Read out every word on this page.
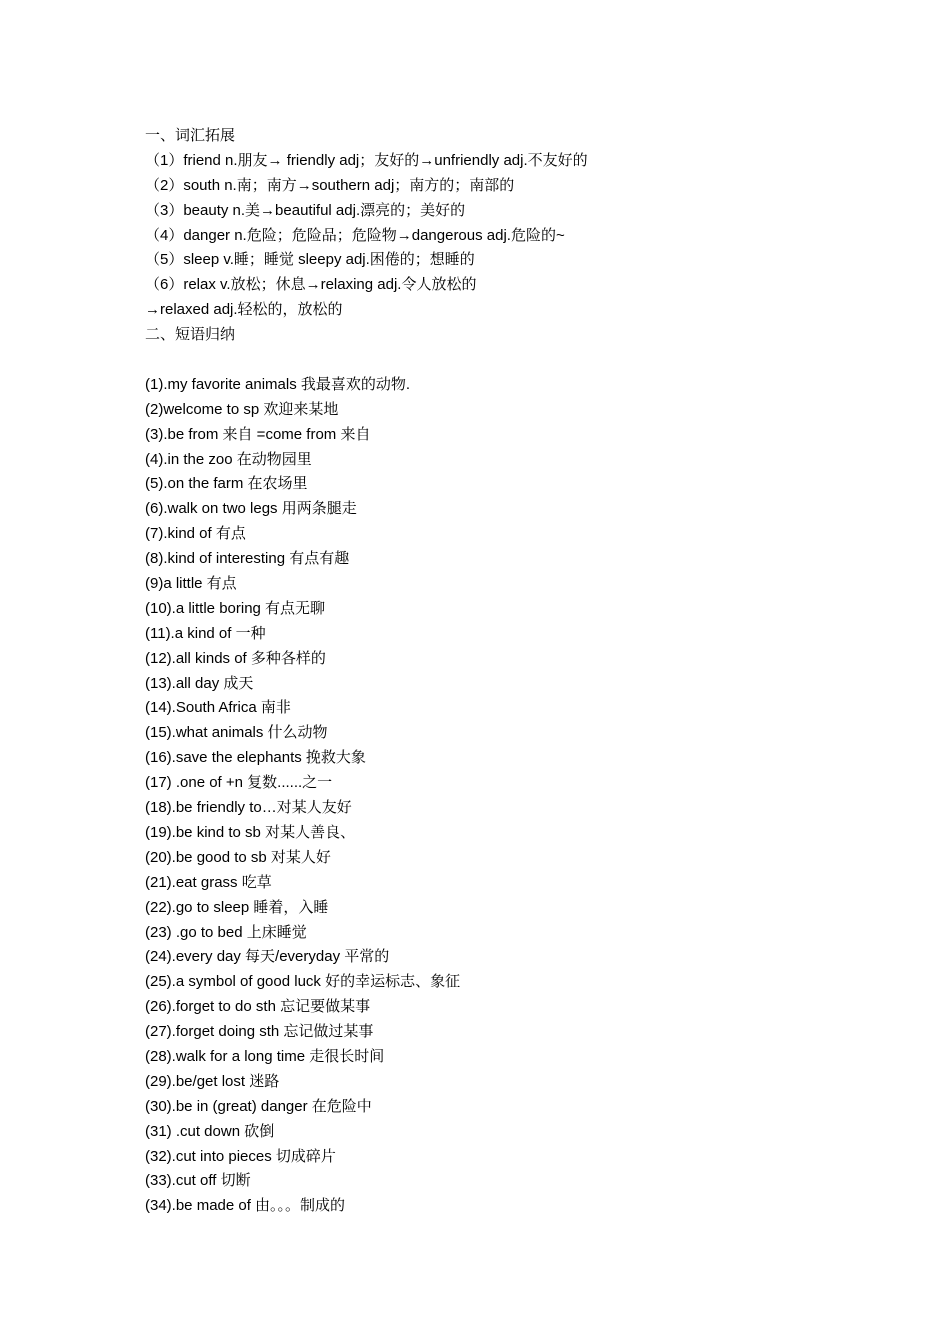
一、词汇拓展
（1）friend n.朋友→ friendly adj；友好的→unfriendly adj.不友好的
（2）south n.南；南方→southern adj；南方的；南部的
（3）beauty n.美→beautiful adj.漂亮的；美好的
（4）danger n.危险；危险品；危险物→dangerous adj.危险的~
（5）sleep v.睡；睡觉 sleepy adj.困倦的；想睡的
（6）relax v.放松；休息→relaxing adj.令人放松的
→relaxed adj.轻松的，放松的
二、短语归纳
(1).my favorite animals 我最喜欢的动物.
(2)welcome to sp 欢迎来某地
(3).be from 来自 =come from 来自
(4).in the zoo 在动物园里
(5).on the farm 在农场里
(6).walk on two legs 用两条腿走
(7).kind of 有点
(8).kind of interesting 有点有趣
(9)a little 有点
(10).a little boring 有点无聊
(11).a kind of 一种
(12).all kinds of 多种各样的
(13).all day 成天
(14).South Africa 南非
(15).what animals 什么动物
(16).save the elephants 挽救大象
(17) .one of +n 复数......之一
(18).be friendly to…对某人友好
(19).be kind to sb 对某人善良、
(20).be good to sb 对某人好
(21).eat grass 吃草
(22).go to sleep 睡着，入睡
(23) .go to bed 上床睡觉
(24).every day 每天/everyday 平常的
(25).a symbol of good luck 好的幸运标志、象征
(26).forget to do sth 忘记要做某事
(27).forget doing sth 忘记做过某事
(28).walk for a long time 走很长时间
(29).be/get lost 迷路
(30).be in (great) danger 在危险中
(31) .cut down 砍倒
(32).cut into pieces 切成碎片
(33).cut off 切断
(34).be made of 由。。。制成的
